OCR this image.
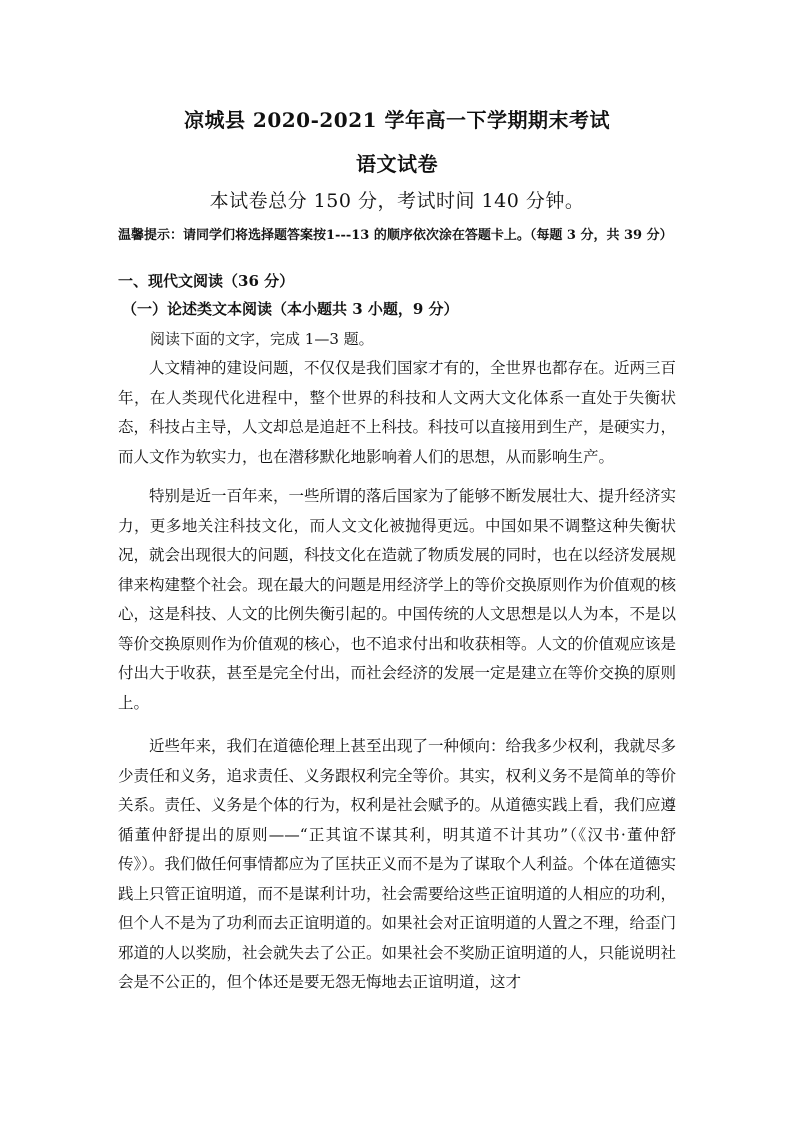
凉城县 2020-2021 学年高一下学期期末考试
语文试卷
本试卷总分 150 分，考试时间 140 分钟。
温馨提示：请同学们将选择题答案按1---13 的顺序依次涂在答题卡上。（每题 3 分，共 39 分）
一、现代文阅读（36 分）
（一）论述类文本阅读（本小题共 3 小题，9 分）
阅读下面的文字，完成 1—3 题。

人文精神的建设问题，不仅仅是我们国家才有的，全世界也都存在。近两三百年，在人类现代化进程中，整个世界的科技和人文两大文化体系一直处于失衡状态，科技占主导，人文却总是追赶不上科技。科技可以直接用到生产，是硬实力，而人文作为软实力，也在潜移默化地影响着人们的思想，从而影响生产。

特别是近一百年来，一些所谓的落后国家为了能够不断发展壮大、提升经济实力，更多地关注科技文化，而人文文化被抛得更远。中国如果不调整这种失衡状况，就会出现很大的问题，科技文化在造就了物质发展的同时，也在以经济发展规律来构建整个社会。现在最大的问题是用经济学上的等价交换原则作为价值观的核心，这是科技、人文的比例失衡引起的。中国传统的人文思想是以人为本，不是以等价交换原则作为价值观的核心，也不追求付出和收获相等。人文的价值观应该是付出大于收获，甚至是完全付出，而社会经济的发展一定是建立在等价交换的原则上。

近些年来，我们在道德伦理上甚至出现了一种倾向：给我多少权利，我就尽多少责任和义务，追求责任、义务跟权利完全等价。其实，权利义务不是简单的等价关系。责任、义务是个体的行为，权利是社会赋予的。从道德实践上看，我们应遵循董仲舒提出的原则——“正其谊不谋其利，明其道不计其功”（《汉书·董仲舒传》）。我们做任何事情都应为了匡扶正义而不是为了谋取个人利益。个体在道德实践上只管正谊明道，而不是谋利计功，社会需要给这些正谊明道的人相应的功利，但个人不是为了功利而去正谊明道的。如果社会对正谊明道的人置之不理，给歪门邪道的人以奖励，社会就失去了公正。如果社会不奖励正谊明道的人，只能说明社会是不公正的，但个体还是要无怨无悔地去正谊明道，这才
